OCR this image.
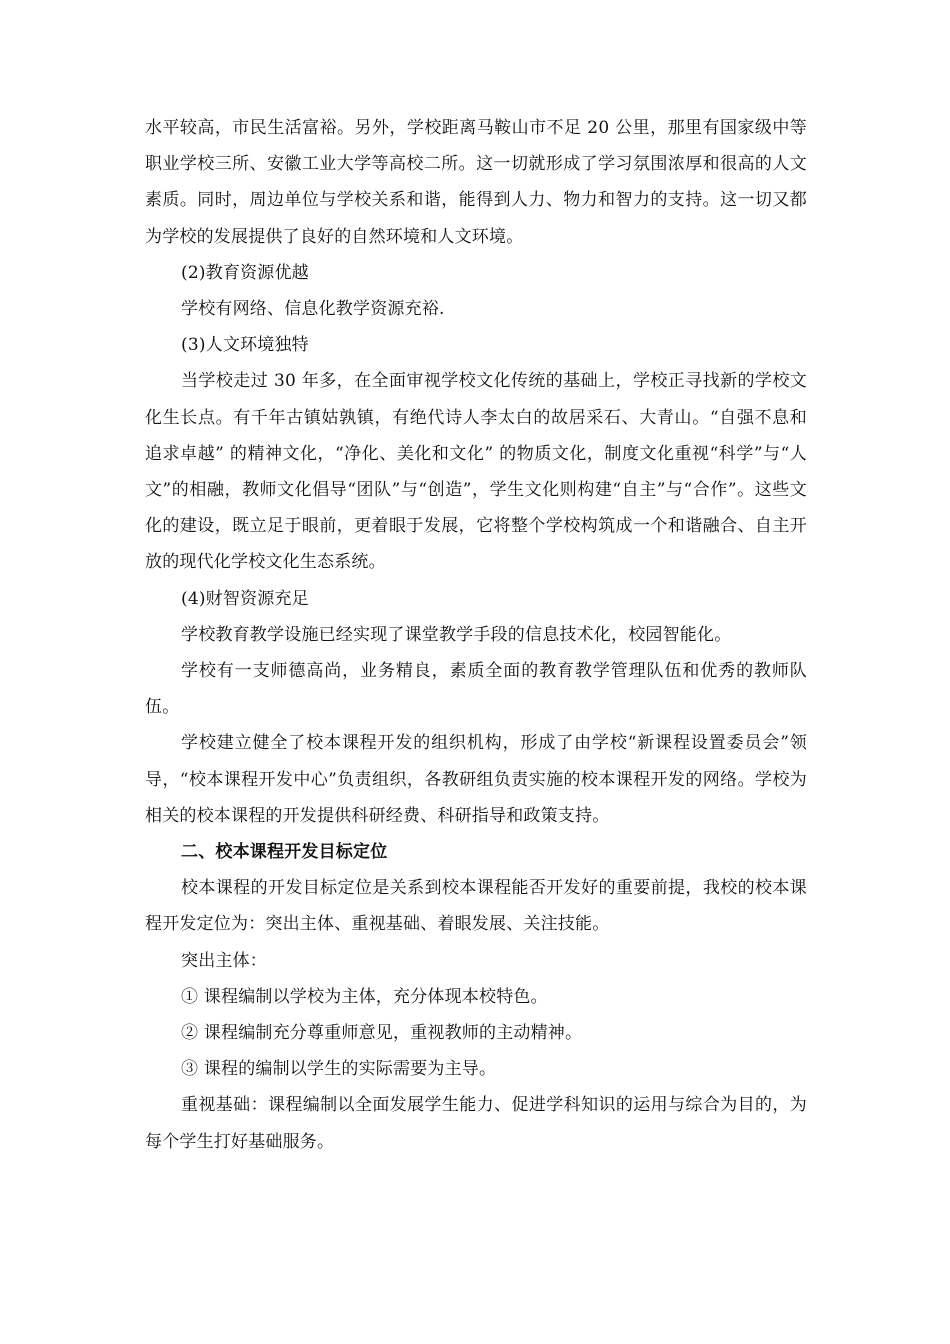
水平较高，市民生活富裕。另外，学校距离马鞍山市不足 20 公里，那里有国家级中等职业学校三所、安徽工业大学等高校二所。这一切就形成了学习氛围浓厚和很高的人文素质。同时，周边单位与学校关系和谐，能得到人力、物力和智力的支持。这一切又都为学校的发展提供了良好的自然环境和人文环境。

(2)教育资源优越

学校有网络、信息化教学资源充裕.

(3)人文环境独特

当学校走过 30 年多，在全面审视学校文化传统的基础上，学校正寻找新的学校文化生长点。有千年古镇姑孰镇，有绝代诗人李太白的故居采石、大青山。“自强不息和追求卓越” 的精神文化，“净化、美化和文化” 的物质文化，制度文化重视“科学”与“人文”的相融，教师文化倡导“团队”与“创造”，学生文化则构建“自主”与“合作”。这些文化的建设，既立足于眼前，更着眼于发展，它将整个学校构筑成一个和谐融合、自主开放的现代化学校文化生态系统。

(4)财智资源充足

学校教育教学设施已经实现了课堂教学手段的信息技术化，校园智能化。

学校有一支师德高尚，业务精良，素质全面的教育教学管理队伍和优秀的教师队伍。

学校建立健全了校本课程开发的组织机构，形成了由学校“新课程设置委员会”领导，“校本课程开发中心”负责组织，各教研组负责实施的校本课程开发的网络。学校为相关的校本课程的开发提供科研经费、科研指导和政策支持。

二、校本课程开发目标定位

校本课程的开发目标定位是关系到校本课程能否开发好的重要前提，我校的校本课程开发定位为：突出主体、重视基础、着眼发展、关注技能。

突出主体：

① 课程编制以学校为主体，充分体现本校特色。

② 课程编制充分尊重师意见，重视教师的主动精神。

③ 课程的编制以学生的实际需要为主导。

重视基础：课程编制以全面发展学生能力、促进学科知识的运用与综合为目的，为每个学生打好基础服务。
